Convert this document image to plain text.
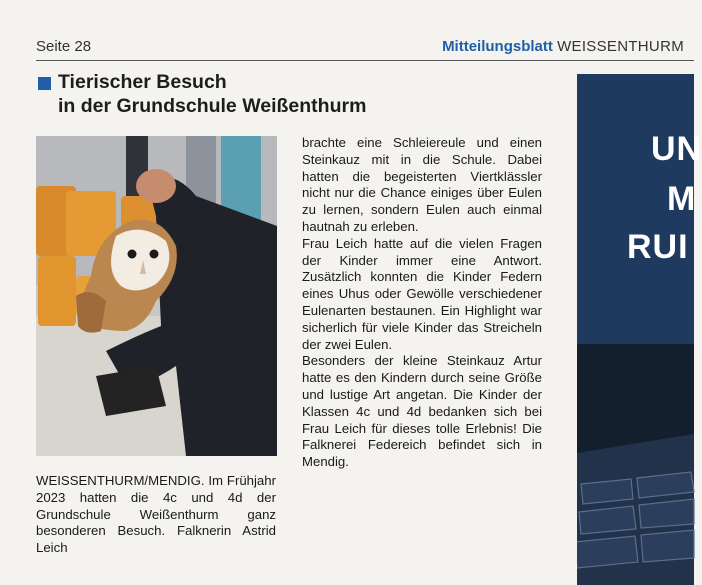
Seite 28	Mitteilungsblatt WEISSENTHURM
Tierischer Besuch
in der Grundschule Weißenthurm

WEISSENTHURM/MENDIG. Im Frühjahr 2023 hatten die 4c und 4d der Grundschule Weißenthurm ganz besonderen Besuch. Falknerin Astrid Leich

brachte eine Schleiereule und einen Steinkauz mit in die Schule. Dabei hatten die begeisterten Viertklässler nicht nur die Chance einiges über Eulen zu lernen, sondern Eulen auch einmal hautnah zu erleben.

Frau Leich hatte auf die vielen Fragen der Kinder immer eine Antwort. Zusätzlich konnten die Kinder Federn eines Uhus oder Gewölle verschiedener Eulenarten bestaunen. Ein Highlight war sicherlich für viele Kinder das Streicheln der zwei Eulen.

Besonders der kleine Steinkauz Artur hatte es den Kindern durch seine Größe und lustige Art angetan. Die Kinder der Klassen 4c und 4d bedanken sich bei Frau Leich für dieses tolle Erlebnis! Die Falknerei Federeich befindet sich in Mendig.

UN
M
RUI
